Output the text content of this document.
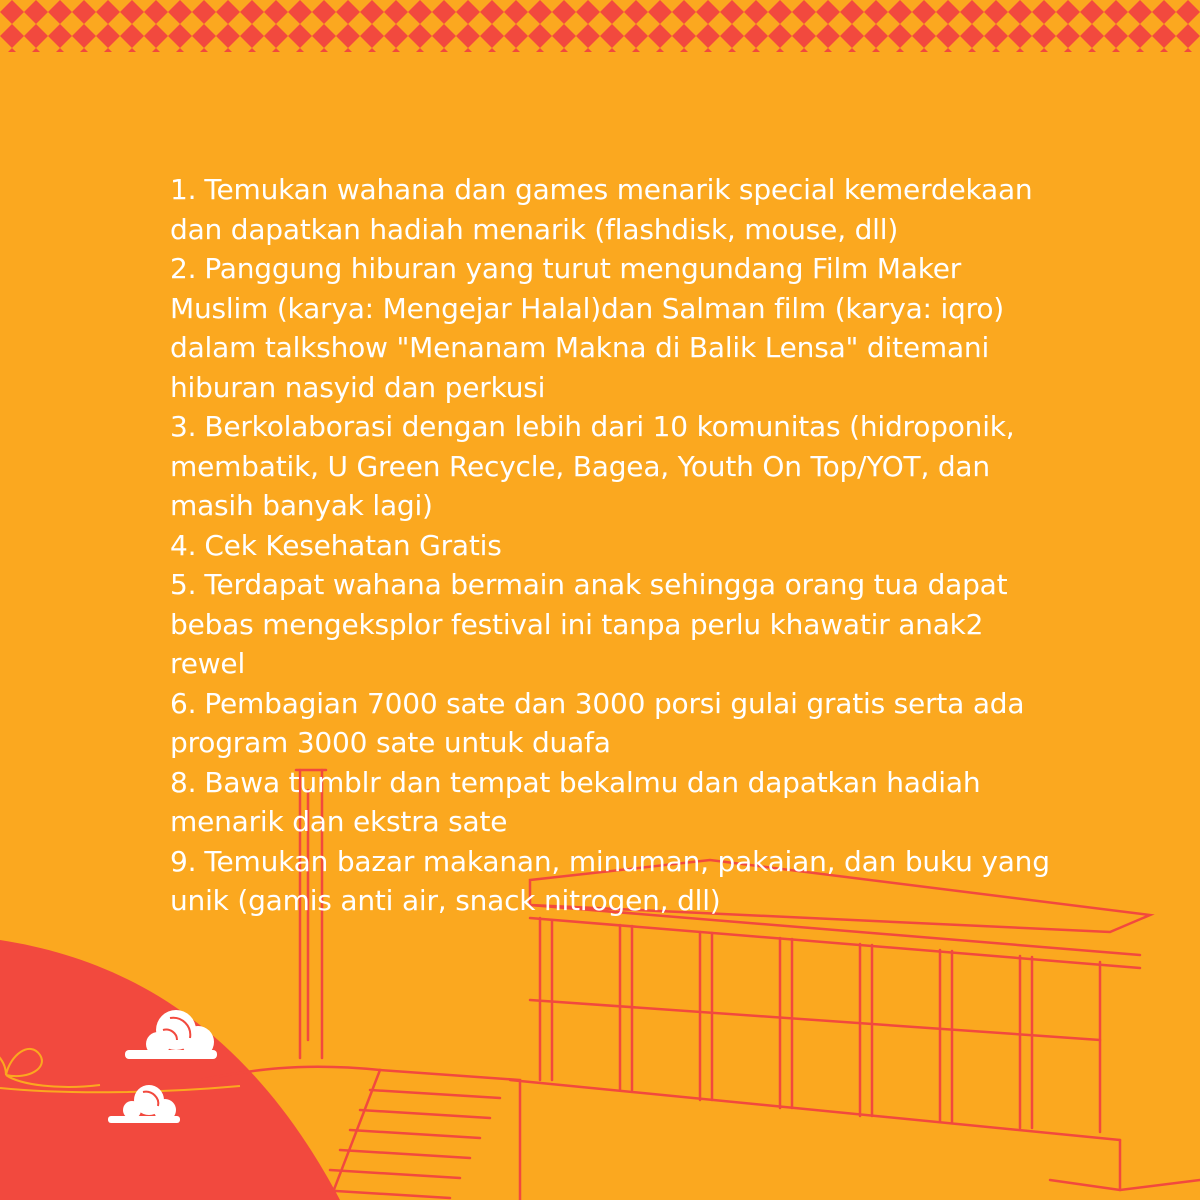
1. Temukan wahana dan games menarik special kemerdekaan dan dapatkan hadiah menarik (flashdisk, mouse, dll)
2. Panggung hiburan yang turut mengundang Film Maker Muslim (karya: Mengejar Halal)dan Salman film (karya: iqro) dalam talkshow "Menanam Makna di Balik Lensa" ditemani hiburan nasyid dan perkusi
3. Berkolaborasi dengan lebih dari 10 komunitas (hidroponik, membatik, U Green Recycle, Bagea, Youth On Top/YOT, dan masih banyak lagi)
4. Cek Kesehatan Gratis
5. Terdapat wahana bermain anak sehingga orang tua dapat bebas mengeksplor festival ini tanpa perlu khawatir anak2 rewel
6. Pembagian 7000 sate dan 3000 porsi gulai gratis serta ada program 3000 sate untuk duafa
8. Bawa tumblr dan tempat bekalmu dan dapatkan hadiah menarik dan ekstra sate
9. Temukan bazar makanan, minuman, pakaian, dan buku yang unik (gamis anti air, snack nitrogen, dll)
